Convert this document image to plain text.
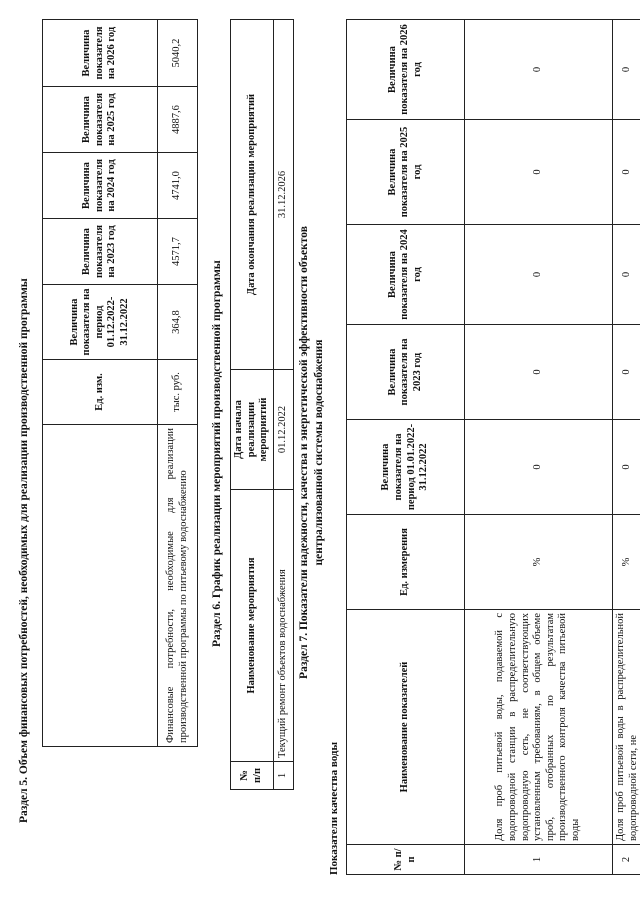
Раздел 5. Объем финансовых потребностей, необходимых для реализации производственной программы
		Ед. изм.	Величина показателя на период 01.12.2022-31.12.2022	Величина показателя на 2023 год	Величина показателя на 2024 год	Величина показателя на 2025 год	Величина показателя на 2026 год
Финансовые потребности, необходимые для реализации производственной программы по питьевому водоснабжению	тыс. руб.	364,8	4571,7	4741,0	4887,6	5040,2
Раздел 6. График реализации мероприятий производственной программы
№ п/п	Наименование мероприятия	Дата начала реализации мероприятий	Дата окончания реализации мероприятий
1	Текущий ремонт объектов водоснабжения	01.12.2022	31.12.2026
Раздел 7. Показатели надежности, качества и энергетической эффективности объектов централизованной системы водоснабжения
Показатели качества воды	№ п/п	Наименование показателей	Ед. измерения	Величина показателя на период 01.01.2022-31.12.2022	Величина показателя на 2023 год	Величина показателя на 2024 год	Величина показателя на 2025 год	Величина показателя на 2026 год
1	Доля проб питьевой воды, подаваемой с водопроводной станции в распределительную водопроводную сеть, не соответствующих установленным требованиям, в общем объеме проб, отобранных по результатам производственного контроля качества питьевой воды	%	0	0	0	0	0
2	Доля проб питьевой воды в распределительной водопроводной сети, не	%	0	0	0	0	0
